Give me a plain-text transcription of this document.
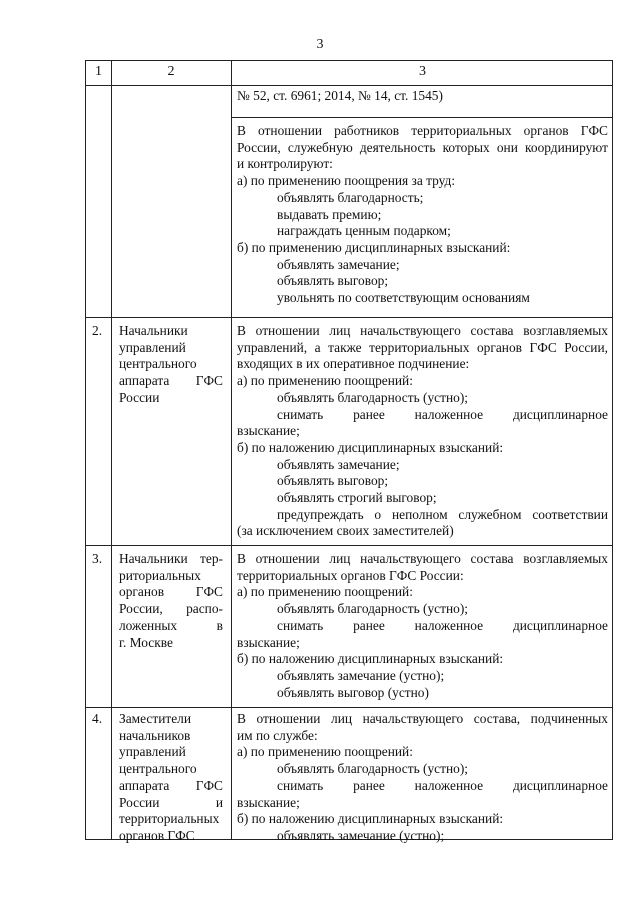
3
1	2	3
№ 52, ст. 6961; 2014, № 14, ст. 1545)
В отношении работников территориальных органов ГФС
России, служебную деятельность которых они координируют
и контролируют:
а) по применению поощрения за труд:
объявлять благодарность;
выдавать премию;
награждать ценным подарком;
б) по применению дисциплинарных взысканий:
объявлять замечание;
объявлять выговор;
увольнять по соответствующим основаниям
2. Начальники
управлений
центрального
аппарата ГФС
России
В отношении лиц начальствующего состава возглавляемых
управлений, а также территориальных органов ГФС России,
входящих в их оперативное подчинение:
а) по применению поощрений:
объявлять благодарность (устно);
снимать ранее наложенное дисциплинарное
взыскание;
б) по наложению дисциплинарных взысканий:
объявлять замечание;
объявлять выговор;
объявлять строгий выговор;
предупреждать о неполном служебном соответствии
(за исключением своих заместителей)
3. Начальники тер-
риториальных
органов ГФС
России, распо-
ложенных в
г. Москве
В отношении лиц начальствующего состава возглавляемых
территориальных органов ГФС России:
а) по применению поощрений:
объявлять благодарность (устно);
снимать ранее наложенное дисциплинарное
взыскание;
б) по наложению дисциплинарных взысканий:
объявлять замечание (устно);
объявлять выговор (устно)
4. Заместители
начальников
управлений
центрального
аппарата ГФС
России и
территориальных
органов ГФС
В отношении лиц начальствующего состава, подчиненных
им по службе:
а) по применению поощрений:
объявлять благодарность (устно);
снимать ранее наложенное дисциплинарное
взыскание;
б) по наложению дисциплинарных взысканий:
объявлять замечание (устно);
